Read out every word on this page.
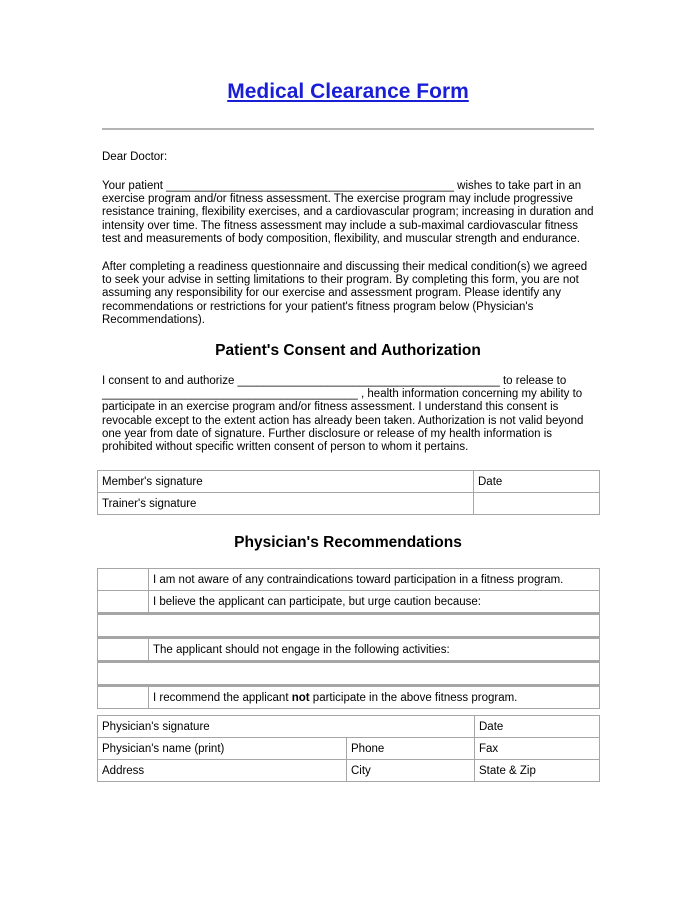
Medical Clearance Form

Dear Doctor:

Your patient _____________________________________________ wishes to take part in an exercise program and/or fitness assessment. The exercise program may include progressive resistance training, flexibility exercises, and a cardiovascular program; increasing in duration and intensity over time. The fitness assessment may include a sub-maximal cardiovascular fitness test and measurements of body composition, flexibility, and muscular strength and endurance.

After completing a readiness questionnaire and discussing their medical condition(s) we agreed to seek your advise in setting limitations to their program. By completing this form, you are not assuming any responsibility for our exercise and assessment program. Please identify any recommendations or restrictions for your patient's fitness program below (Physician's Recommendations).

Patient's Consent and Authorization

I consent to and authorize _________________________________________ to release to ________________________________________ , health information concerning my ability to participate in an exercise program and/or fitness assessment. I understand this consent is revocable except to the extent action has already been taken. Authorization is not valid beyond one year from date of signature. Further disclosure or release of my health information is prohibited without specific written consent of person to whom it pertains.

Member's signature	Date
Trainer's signature	
Physician's Recommendations
	I am not aware of any contraindications toward participation in a fitness program.
	I believe the applicant can participate, but urge caution because:

	The applicant should not engage in the following activities:

	I recommend the applicant not participate in the above fitness program.
Physician's signature		Date
Physician's name (print)	Phone	Fax
Address	City	State & Zip
